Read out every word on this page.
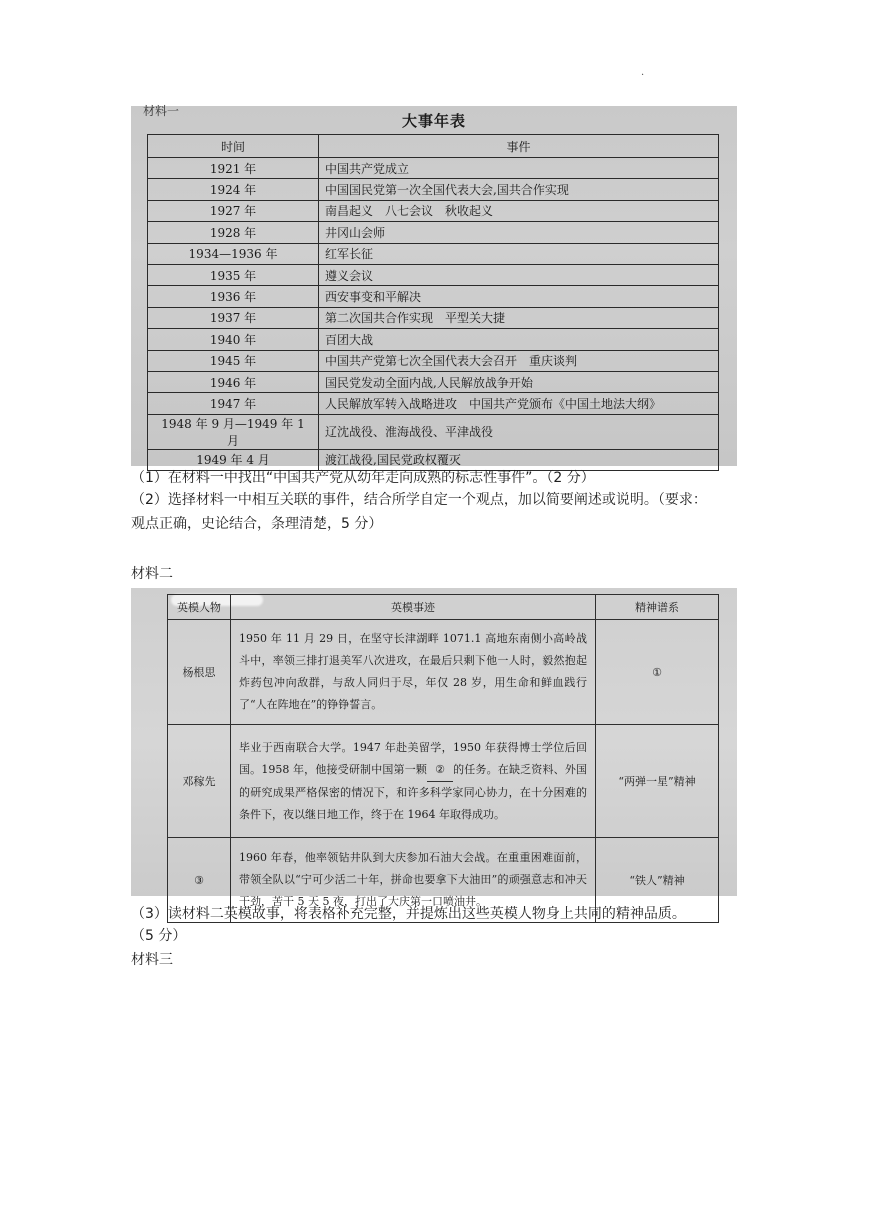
·
材料一
大事年表
时间	事件
1921 年	中国共产党成立
1924 年	中国国民党第一次全国代表大会,国共合作实现
1927 年	南昌起义　八七会议　秋收起义
1928 年	井冈山会师
1934—1936 年	红军长征
1935 年	遵义会议
1936 年	西安事变和平解决
1937 年	第二次国共合作实现　平型关大捷
1940 年	百团大战
1945 年	中国共产党第七次全国代表大会召开　重庆谈判
1946 年	国民党发动全面内战,人民解放战争开始
1947 年	人民解放军转入战略进攻　中国共产党颁布《中国土地法大纲》
1948 年 9 月—1949 年 1 月	辽沈战役、淮海战役、平津战役
1949 年 4 月	渡江战役,国民党政权覆灭
（1）在材料一中找出“中国共产党从幼年走向成熟的标志性事件”。（2 分）
（2）选择材料一中相互关联的事件，结合所学自定一个观点，加以简要阐述或说明。（要求：
观点正确，史论结合，条理清楚，5 分）
材料二
英模人物	英模事迹	精神谱系
杨根思	1950 年 11 月 29 日，在坚守长津湖畔 1071.1 高地东南侧小高岭战斗中，率领三排打退美军八次进攻，在最后只剩下他一人时，毅然抱起炸药包冲向敌群，与敌人同归于尽，年仅 28 岁，用生命和鲜血践行了“人在阵地在”的铮铮誓言。	①
邓稼先	毕业于西南联合大学。1947 年赴美留学，1950 年获得博士学位后回国。1958 年，他接受研制中国第一颗 ② 的任务。在缺乏资料、外国的研究成果严格保密的情况下，和许多科学家同心协力，在十分困难的条件下，夜以继日地工作，终于在 1964 年取得成功。	“两弹一星”精神
③	1960 年春，他率领钻井队到大庆参加石油大会战。在重重困难面前，带领全队以“宁可少活二十年，拼命也要拿下大油田”的顽强意志和冲天干劲，苦干 5 天 5 夜，打出了大庆第一口喷油井。	“铁人”精神
（3）读材料二英模故事，将表格补充完整，并提炼出这些英模人物身上共同的精神品质。
（5 分）
材料三
